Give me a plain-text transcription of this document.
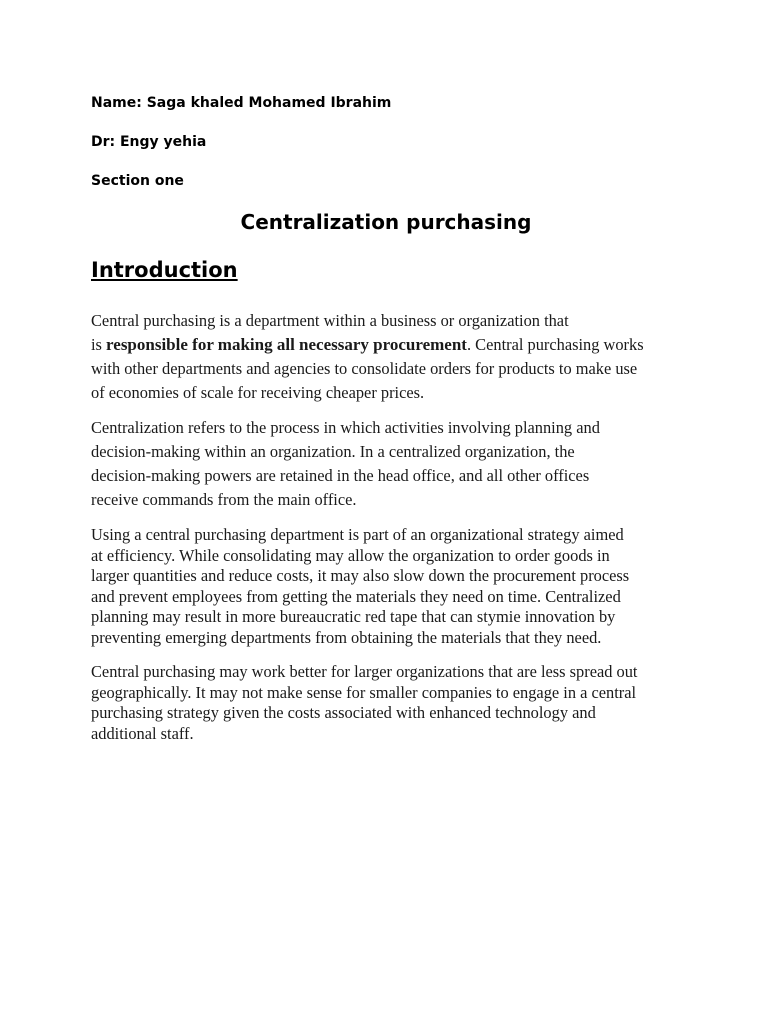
Name: Saga khaled Mohamed Ibrahim
Dr: Engy yehia
Section one
Centralization purchasing
Introduction

Central purchasing is a department within a business or organization that

is responsible for making all necessary procurement. Central purchasing works

with other departments and agencies to consolidate orders for products to make use

of economies of scale for receiving cheaper prices.

Centralization refers to the process in which activities involving planning and

decision-making within an organization. In a centralized organization, the

decision-making powers are retained in the head office, and all other offices

receive commands from the main office.

Using a central purchasing department is part of an organizational strategy aimed

at efficiency. While consolidating may allow the organization to order goods in

larger quantities and reduce costs, it may also slow down the procurement process

and prevent employees from getting the materials they need on time. Centralized

planning may result in more bureaucratic red tape that can stymie innovation by

preventing emerging departments from obtaining the materials that they need.

Central purchasing may work better for larger organizations that are less spread out

geographically. It may not make sense for smaller companies to engage in a central

purchasing strategy given the costs associated with enhanced technology and

additional staff.
